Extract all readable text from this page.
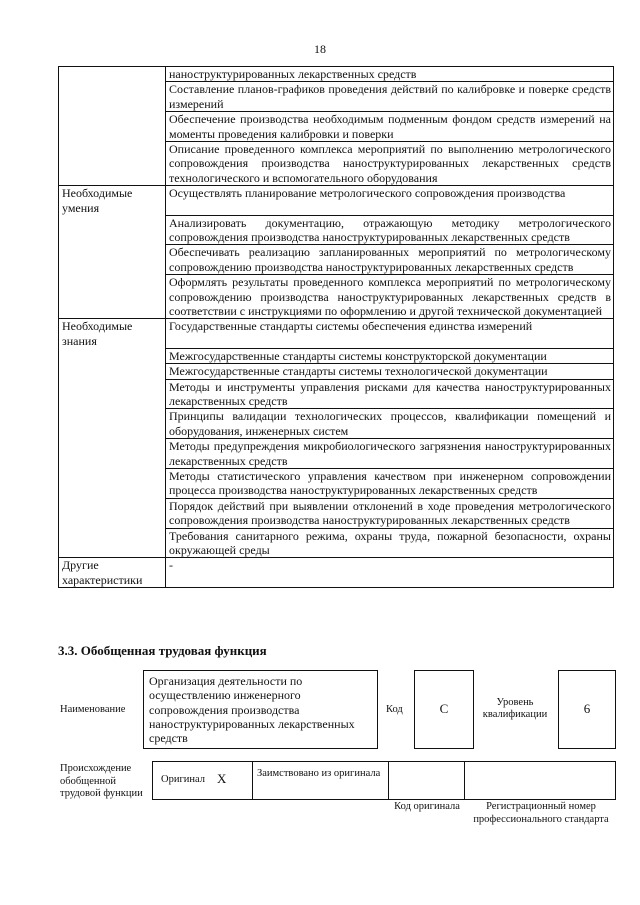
18
	наноструктурированных лекарственных средств
	Составление планов-графиков проведения действий по калибровке и поверке средств измерений
	Обеспечение производства необходимым подменным фондом средств измерений на моменты проведения калибровки и поверки
	Описание проведенного комплекса мероприятий по выполнению метрологического сопровождения производства наноструктурированных лекарственных средств технологического и вспомогательного оборудования
Необходимые умения	Осуществлять планирование метрологического сопровождения производства
	Анализировать документацию, отражающую методику метрологического сопровождения производства наноструктурированных лекарственных средств
	Обеспечивать реализацию запланированных мероприятий по метрологическому сопровождению производства наноструктурированных лекарственных средств
	Оформлять результаты проведенного комплекса мероприятий по метрологическому сопровождению производства наноструктурированных лекарственных средств в соответствии с инструкциями по оформлению и другой технической документацией
Необходимые знания	Государственные стандарты системы обеспечения единства измерений
	Межгосударственные стандарты системы конструкторской документации
	Межгосударственные стандарты системы технологической документации
	Методы и инструменты управления рисками для качества наноструктурированных лекарственных средств
	Принципы валидации технологических процессов, квалификации помещений и оборудования, инженерных систем
	Методы предупреждения микробиологического загрязнения наноструктурированных лекарственных средств
	Методы статистического управления качеством при инженерном сопровождении процесса производства наноструктурированных лекарственных средств
	Порядок действий при выявлении отклонений в ходе проведения метрологического сопровождения производства наноструктурированных лекарственных средств
	Требования санитарного режима, охраны труда, пожарной безопасности, охраны окружающей среды
Другие характеристики	-
3.3. Обобщенная трудовая функция
Наименование
Организация деятельности по осуществлению инженерного сопровождения производства наноструктурированных лекарственных средств
Код	C	Уровень квалификации	6
Происхождение обобщенной трудовой функции
Оригинал X	Заимствовано из оригинала
Код оригинала	Регистрационный номер профессионального стандарта
